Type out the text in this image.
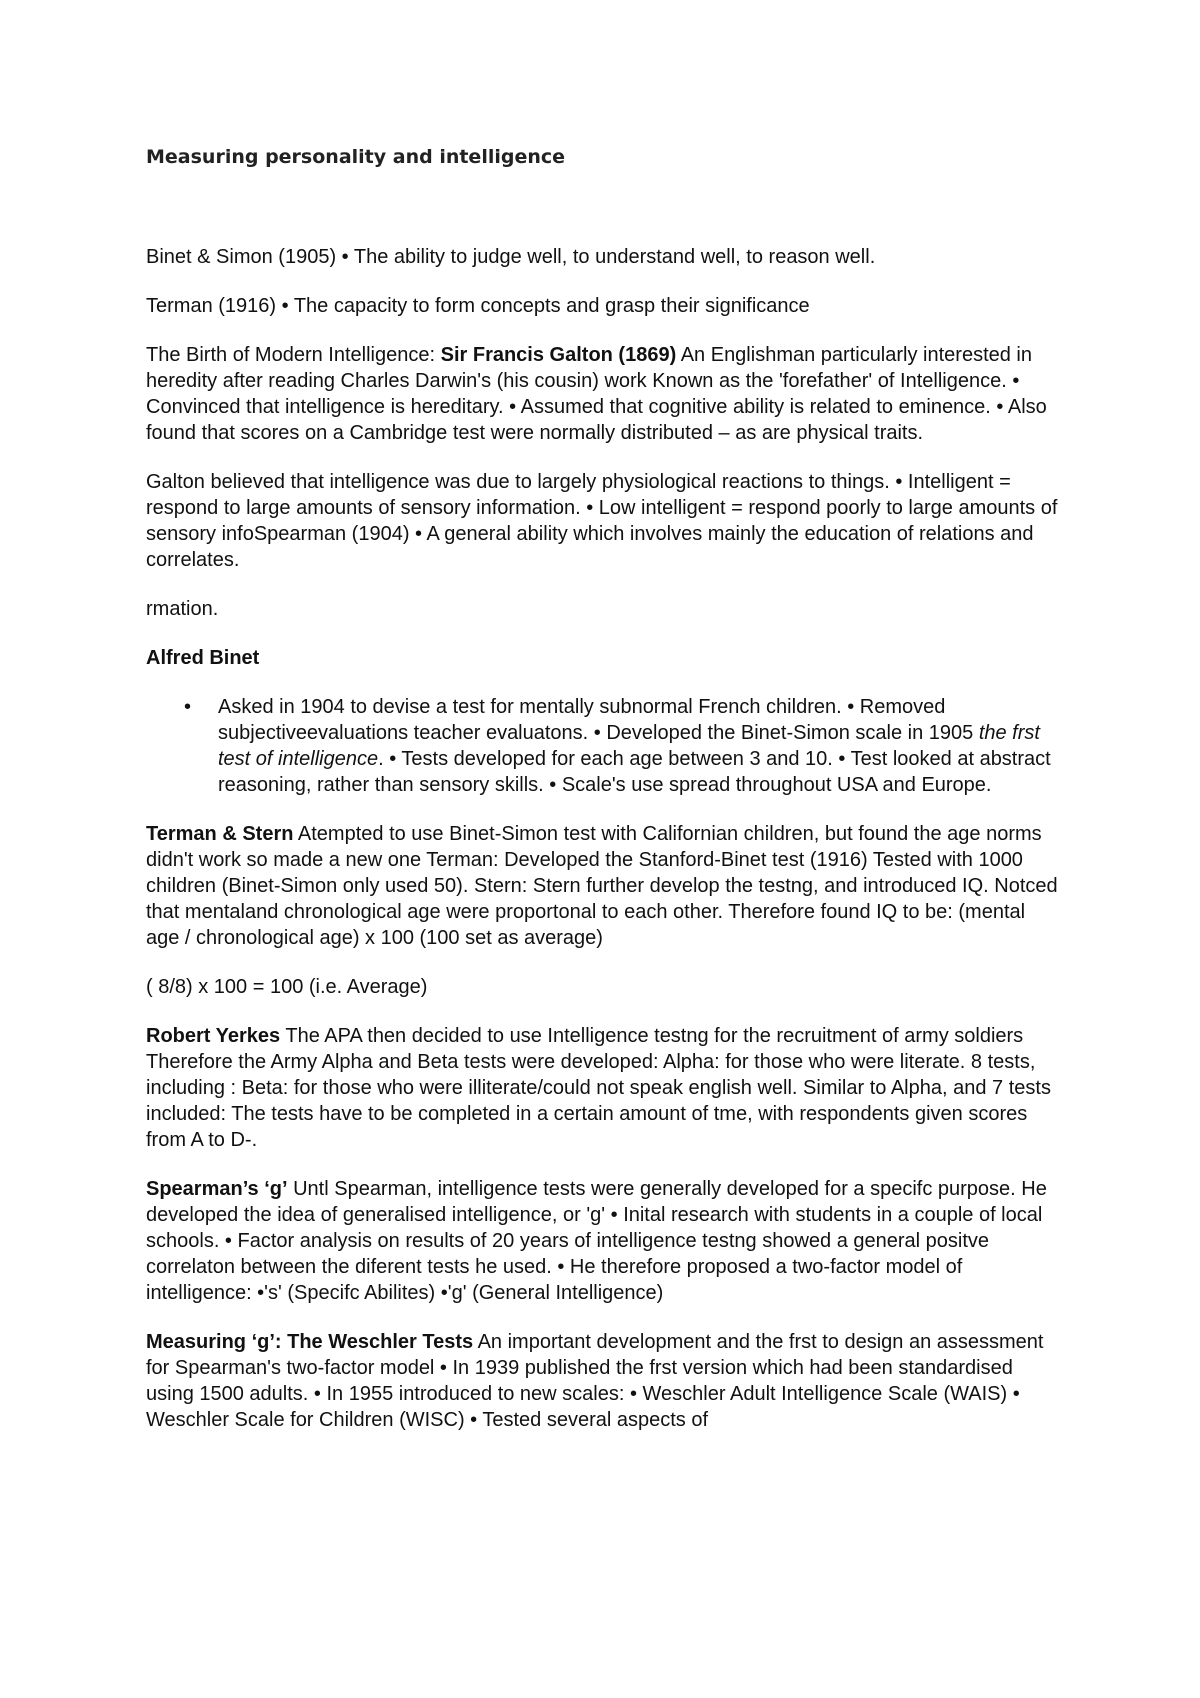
Measuring personality and intelligence

Binet & Simon (1905) • The ability to judge well, to understand well, to reason well.

Terman (1916) • The capacity to form concepts and grasp their significance

The Birth of Modern Intelligence: Sir Francis Galton (1869) An Englishman particularly interested in heredity after reading Charles Darwin's (his cousin) work Known as the 'forefather' of Intelligence. • Convinced that intelligence is hereditary. • Assumed that cognitive ability is related to eminence. • Also found that scores on a Cambridge test were normally distributed – as are physical traits.

Galton believed that intelligence was due to largely physiological reactions to things. • Intelligent = respond to large amounts of sensory information. • Low intelligent = respond poorly to large amounts of sensory infoSpearman (1904) • A general ability which involves mainly the education of relations and correlates.

rmation.

Alfred Binet

• Asked in 1904 to devise a test for mentally subnormal French children. • Removed subjectiveevaluations teacher evaluatons. • Developed the Binet-Simon scale in 1905 the frst test of intelligence. • Tests developed for each age between 3 and 10. • Test looked at abstract reasoning, rather than sensory skills. • Scale's use spread throughout USA and Europe.

Terman & Stern Atempted to use Binet-Simon test with Californian children, but found the age norms didn't work so made a new one Terman: Developed the Stanford-Binet test (1916) Tested with 1000 children (Binet-Simon only used 50). Stern: Stern further develop the testng, and introduced IQ. Notced that mentaland chronological age were proportonal to each other. Therefore found IQ to be: (mental age / chronological age) x 100 (100 set as average)

( 8/8) x 100 = 100 (i.e. Average)

Robert Yerkes The APA then decided to use Intelligence testng for the recruitment of army soldiers Therefore the Army Alpha and Beta tests were developed: Alpha: for those who were literate. 8 tests, including : Beta: for those who were illiterate/could not speak english well. Similar to Alpha, and 7 tests included: The tests have to be completed in a certain amount of tme, with respondents given scores from A to D-.

Spearman’s ‘g’ Untl Spearman, intelligence tests were generally developed for a specifc purpose. He developed the idea of generalised intelligence, or 'g' • Inital research with students in a couple of local schools. • Factor analysis on results of 20 years of intelligence testng showed a general positve correlaton between the diferent tests he used. • He therefore proposed a two-factor model of intelligence: •'s' (Specifc Abilites) •'g' (General Intelligence)

Measuring ‘g’: The Weschler Tests An important development and the frst to design an assessment for Spearman's two-factor model • In 1939 published the frst version which had been standardised using 1500 adults. • In 1955 introduced to new scales: • Weschler Adult Intelligence Scale (WAIS) • Weschler Scale for Children (WISC) • Tested several aspects of
